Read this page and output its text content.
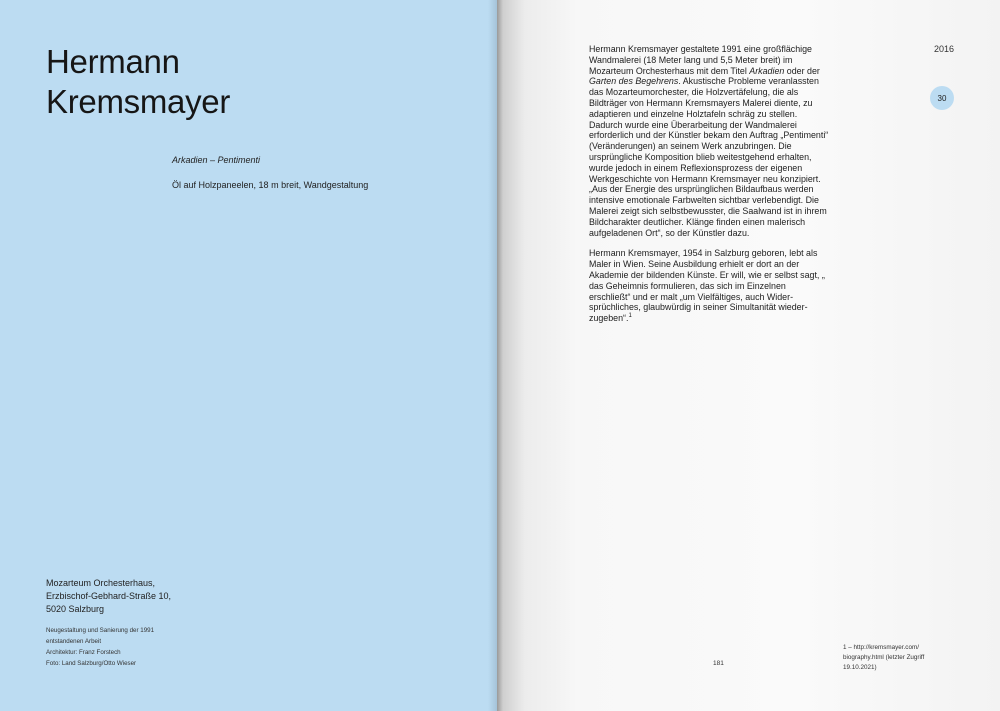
Hermann
Kremsmayer
Arkadien – Pentimenti
Öl auf Holzpaneelen, 18 m breit, Wandgestaltung
Mozarteum Orchesterhaus,
Erzbischof-Gebhard-Straße 10,
5020 Salzburg
Neugestaltung und Sanierung der 1991
entstandenen Arbeit
Architektur: Franz Forstech
Foto: Land Salzburg/Otto Wieser

Hermann Kremsmayer gestaltete 1991 eine großflächige Wandmalerei (18 Meter lang und 5,5 Meter breit) im Mozarteum Orchesterhaus mit dem Titel Arkadien oder der Garten des Begehrens. Akustische Probleme veranlassten das Mozarteumorchester, die Holzvertäfelung, die als Bildträger von Hermann Kremsmayers Malerei diente, zu adaptieren und einzelne Holztafeln schräg zu stellen. Dadurch wurde eine Überarbeitung der Wandmalerei erforderlich und der Künstler bekam den Auftrag „Pentimenti“ (Veränderungen) an seinem Werk anzubringen. Die ursprüngliche Komposition blieb weitestgehend erhalten, wurde jedoch in einem Reflexionsprozess der eigenen Werkgeschichte von Hermann Kremsmayer neu konzipiert. „Aus der Energie des ursprünglichen Bildaufbaus werden intensive emotionale Farbwelten sichtbar verlebendigt. Die Malerei zeigt sich selbstbewusster, die Saalwand ist in ihrem Bildcharakter deutlicher. Klänge finden einen malerisch aufgeladenen Ort“, so der Künstler dazu.

Hermann Kremsmayer, 1954 in Salzburg geboren, lebt als Maler in Wien. Seine Ausbildung erhielt er dort an der Akademie der bildenden Künste. Er will, wie er selbst sagt, „ das Geheimnis formulieren, das sich im Einzelnen erschließt“ und er malt „um Vielfältiges, auch Widersprüchliches, glaubwürdig in seiner Simultanität wiederzugeben“.$^1$

2016
30
181
1 – http://kremsmayer.com/
biography.html (letzter Zugriff
19.10.2021)
